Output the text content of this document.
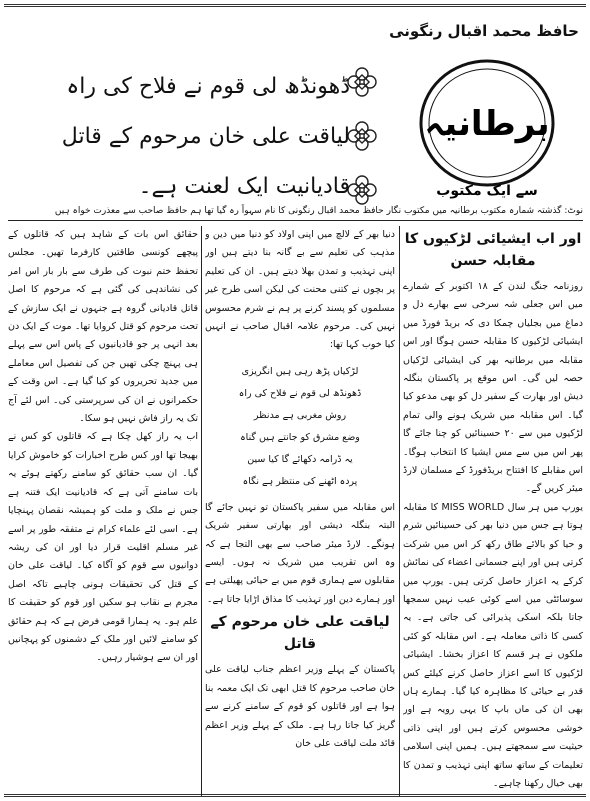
حافظ محمد اقبال رنگونی
برطانیہ
سے ایک مکتوب

ڈھونڈھ لی قوم نے فلاح کی راہ
لیاقت علی خان مرحوم کے قاتل
قادیانیت ایک لعنت ہے۔
نوٹ: گذشتہ شمارہ مکتوب برطانیہ میں مکتوب نگار حافظ محمد اقبال رنگونی کا نام سہواً رہ گیا تھا ہم حافظ صاحب سے معذرت خواہ ہیں
اور اب ایشیائی لڑکیوں کا مقابلہ حسن

روزنامہ جنگ لندن کے ۱۸ اکتوبر کے شمارے میں اس جعلی شہ سرخی سے بھارے دل و دماغ میں بجلیاں چمکا دی کہ بریڈ فورڈ میں ایشیائی لڑکیوں کا مقابلہ حسن ہوگا اور اس مقابلہ میں برطانیہ بھر کی ایشیائی لڑکیاں حصہ لیں گی۔ اس موقع پر پاکستان بنگلہ دیش اور بھارت کے سفیر دل کو بھی مدعو کیا گیا۔ اس مقابلہ میں شریک ہونے والی تمام لڑکیوں میں سے ۲۰ حسینائیں کو چنا جائے گا پھر اس میں سے مس ایشیا کا انتخاب ہوگا۔ اس مقابلے کا افتتاح بریڈفورڈ کے مسلمان لارڈ میئر کریں گے۔

یورپ میں ہر سال MISS WORLD کا مقابلہ ہوتا ہے جس میں دنیا بھر کی حسینائیں شرم و حیا کو بالائے طاق رکھ کر اس میں شرکت کرتی ہیں اور اپنے جسمانی اعضاء کی نمائش کرکے یہ اعزاز حاصل کرتی ہیں۔ یورپ میں سوسائٹی میں اسے کوئی عیب نہیں سمجھا جاتا بلکہ اسکی پذیرائی کی جاتی ہے۔ یہ کسی کا ذاتی معاملہ ہے۔ اس مقابلہ کو کئی ملکوں نے ہر قسم کا اعزاز بخشا۔ ایشیائی لڑکیوں کا اسے اعزاز حاصل کرنے کیلئے کس قدر بے حیائی کا مظاہرہ کیا گیا۔ ہمارے ہاں بھی ان کی ماں باپ کا یہی رویہ ہے اور خوشی محسوس کرتے ہیں اور اپنی ذاتی حیثیت سے سمجھتے ہیں۔ ہمیں اپنی اسلامی تعلیمات کے ساتھ ساتھ اپنی تہذیب و تمدن کا بھی خیال رکھنا چاہیے۔

دنیا بھر کے لالچ میں اپنی اولاد کو دنیا میں دین و مذہب کی تعلیم سے بے گانہ بنا دیتے ہیں اور اپنی تہذیب و تمدن بھلا دیتے ہیں۔ ان کی تعلیم پر بچوں نے کتنی محنت کی لیکن اسی طرح غیر مسلموں کو پسند کرنے پر ہم نے شرم محسوس نہیں کی۔ مرحوم علامہ اقبال صاحب نے انہیں کیا خوب کہا تھا:

لڑکیاں پڑھ رہی ہیں انگریزی
ڈھونڈھ لی قوم نے فلاح کی راہ
روش مغربی ہے مدنظر
وضع مشرق کو جانتے ہیں گناہ
یہ ڈرامہ دکھائے گا کیا سین
پردہ اٹھنے کی منتظر ہے نگاہ

اس مقابلہ میں سفیر پاکستان تو نہیں جائے گا البتہ بنگلہ دیشی اور بھارتی سفیر شریک ہونگے۔ لارڈ میئر صاحب سے بھی التجا ہے کہ وہ اس تقریب میں شریک نہ ہوں۔ ایسے مقابلوں سے ہماری قوم میں بے حیائی پھیلتی ہے اور ہمارے دین اور تہذیب کا مذاق اڑایا جاتا ہے۔

لیاقت علی خان مرحوم کے قاتل

پاکستان کے پہلے وزیر اعظم جناب لیاقت علی خان صاحب مرحوم کا قتل ابھی تک ایک معمہ بنا ہوا ہے اور قاتلوں کو قوم کے سامنے کرنے سے گریز کیا جاتا رہا ہے۔ ملک کے پہلے وزیر اعظم قائد ملت لیاقت علی خان

حقائق اس بات کے شاہد ہیں کہ قاتلوں کے پیچھے کونسی طاقتیں کارفرما تھیں۔ مجلس تحفظ ختم نبوت کی طرف سے بار بار اس امر کی نشاندہی کی گئی ہے کہ مرحوم کا اصل قاتل قادیانی گروہ ہے جنہوں نے ایک سازش کے تحت مرحوم کو قتل کروایا تھا۔ موت کے ایک دن بعد انہی پر جو قادیانیوں کے پاس اس سے پہلے ہی پہنچ چکی تھیں جن کی تفصیل اس معاملے میں جدید تحریروں کو کیا گیا ہے۔ اس وقت کے حکمرانوں نے ان کی سرپرستی کی۔ اس لئے آج تک یہ راز فاش نہیں ہو سکا۔

اب یہ راز کھل چکا ہے کہ قاتلوں کو کس نے بھیجا تھا اور کس طرح اخبارات کو خاموش کرایا گیا۔ ان سب حقائق کو سامنے رکھتے ہوئے یہ بات سامنے آتی ہے کہ قادیانیت ایک فتنہ ہے جس نے ملک و ملت کو ہمیشہ نقصان پہنچایا ہے۔ اسی لئے علماء کرام نے متفقہ طور پر اسے غیر مسلم اقلیت قرار دیا اور ان کی ریشہ دوانیوں سے قوم کو آگاہ کیا۔ لیاقت علی خان کے قتل کی تحقیقات ہونی چاہیے تاکہ اصل مجرم بے نقاب ہو سکیں اور قوم کو حقیقت کا علم ہو۔ یہ ہمارا قومی فرض ہے کہ ہم حقائق کو سامنے لائیں اور ملک کے دشمنوں کو پہچانیں اور ان سے ہوشیار رہیں۔
